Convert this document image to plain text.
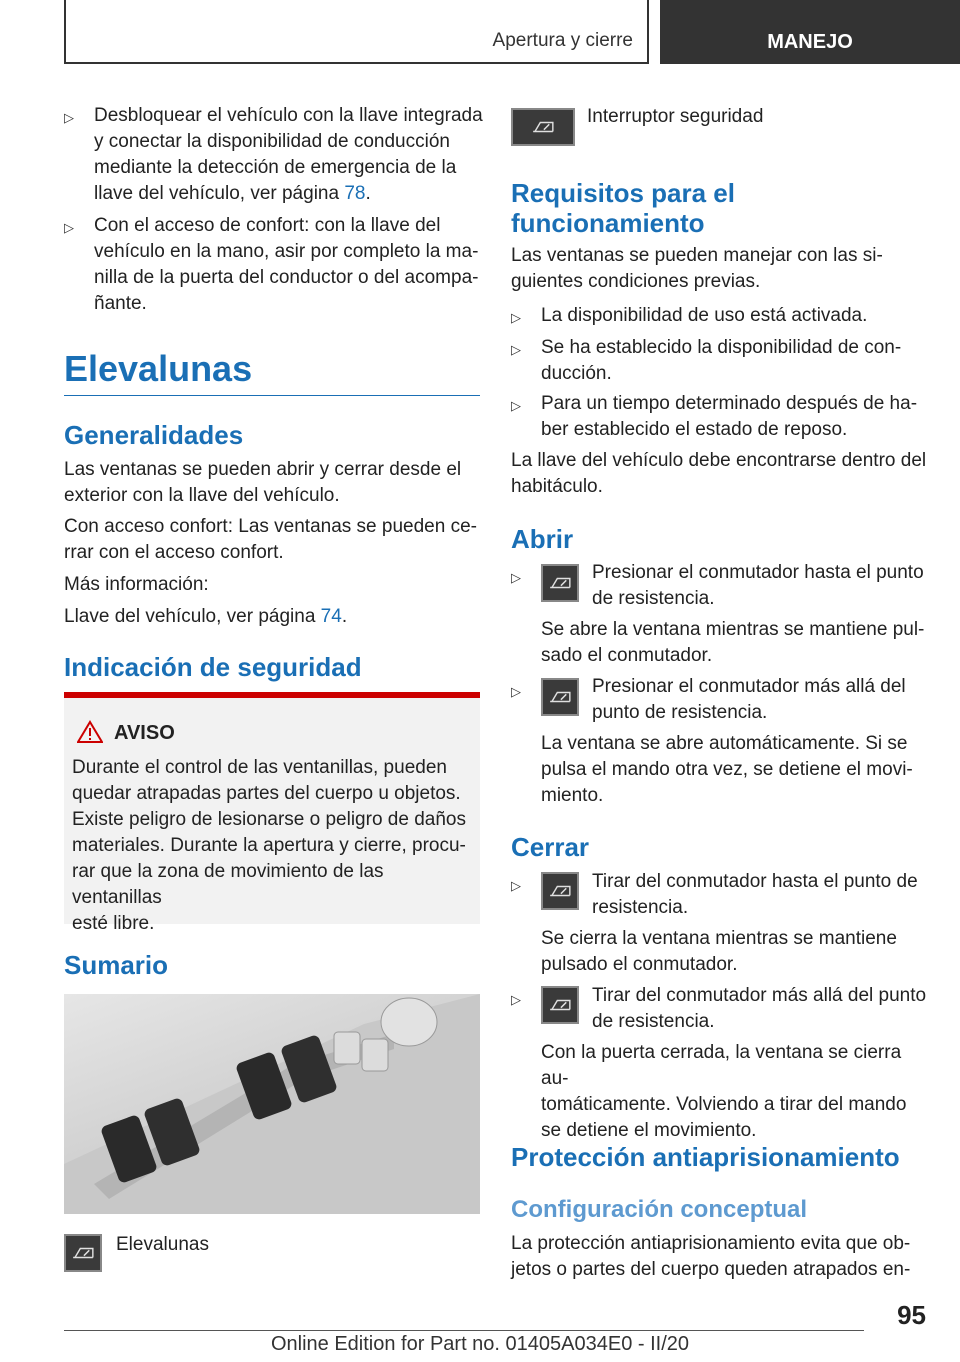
Apertura y cierre	MANEJO
▷ Desbloquear el vehículo con la llave integrada

y conectar la disponibilidad de conducción

mediante la detección de emergencia de la

llave del vehículo, ver página 78.

▷ Con el acceso de confort: con la llave del

vehículo en la mano, asir por completo la ma-

nilla de la puerta del conductor o del acompa-

ñante.

Elevalunas
Generalidades

Las ventanas se pueden abrir y cerrar desde el

exterior con la llave del vehículo.

Con acceso confort: Las ventanas se pueden ce-

rrar con el acceso confort.

Más información:
Llave del vehículo, ver página 74.
Indicación de seguridad
AVISO

Durante el control de las ventanillas, pueden

quedar atrapadas partes del cuerpo u objetos.

Existe peligro de lesionarse o peligro de daños

materiales. Durante la apertura y cierre, procu-

rar que la zona de movimiento de las ventanillas

esté libre.

Sumario
Elevalunas
Interruptor seguridad
Requisitos para el
funcionamiento

Las ventanas se pueden manejar con las si-

guientes condiciones previas.

▷ La disponibilidad de uso está activada.
▷ Se ha establecido la disponibilidad de con-

ducción.

▷ Para un tiempo determinado después de ha-

ber establecido el estado de reposo.

La llave del vehículo debe encontrarse dentro del

habitáculo.

Abrir
▷	Presionar el conmutador hasta el punto

de resistencia.

Se abre la ventana mientras se mantiene pul-

sado el conmutador.

▷	Presionar el conmutador más allá del

punto de resistencia.

La ventana se abre automáticamente. Si se

pulsa el mando otra vez, se detiene el movi-

miento.

Cerrar
▷	Tirar del conmutador hasta el punto de

resistencia.

Se cierra la ventana mientras se mantiene

pulsado el conmutador.

▷	Tirar del conmutador más allá del punto

de resistencia.

Con la puerta cerrada, la ventana se cierra au-

tomáticamente. Volviendo a tirar del mando

se detiene el movimiento.

Protección antiaprisionamiento
Configuración conceptual

La protección antiaprisionamiento evita que ob-

jetos o partes del cuerpo queden atrapados en-

95
Online Edition for Part no. 01405A034E0 - II/20
